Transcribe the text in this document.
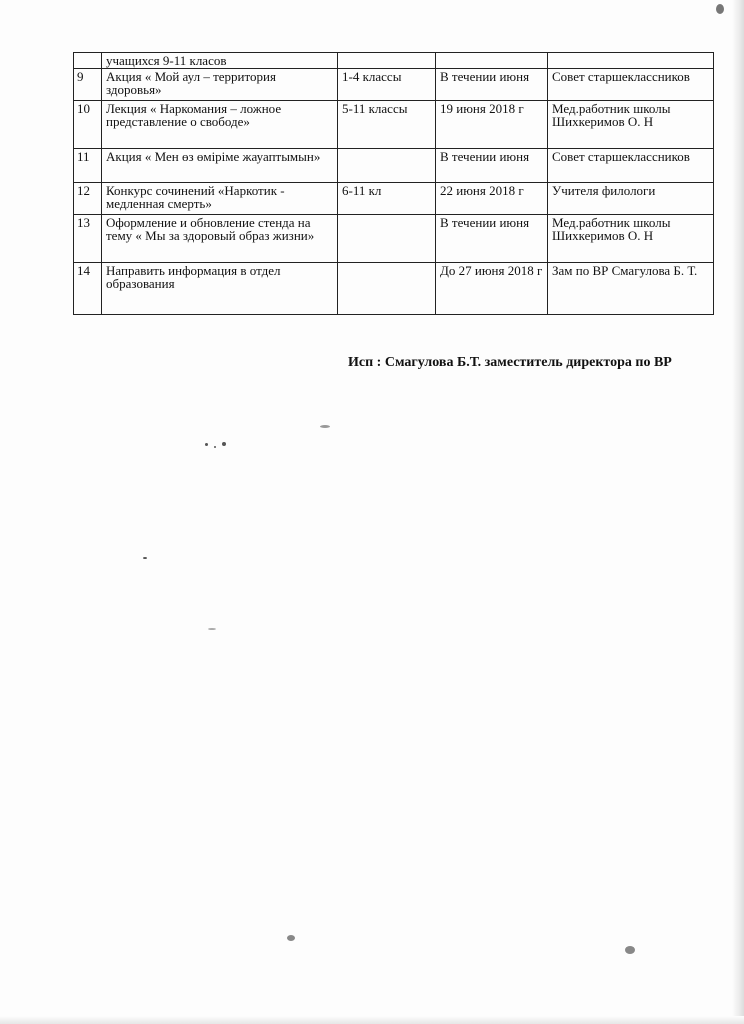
	учащихся 9-11 класов			
9	Акция « Мой аул – территория здоровья»	1-4 классы	В течении июня	Совет старшеклассников
10	Лекция « Наркомания – ложное представление о свободе»	5-11 классы	19 июня 2018 г	Мед.работник школы Шихкеримов О. Н
11	Акция « Мен өз өміріме жауаптымын»		В течении июня	Совет старшеклассников
12	Конкурс сочинений «Наркотик - медленная смерть»	6-11 кл	22 июня 2018 г	Учителя филологи
13	Оформление и обновление стенда на тему « Мы за здоровый образ жизни»		В течении июня	Мед.работник школы Шихкеримов О. Н
14	Направить информация в отдел образования		До 27 июня 2018 г	Зам по ВР Смагулова Б. Т.
Исп : Смагулова Б.Т. заместитель директора по ВР
